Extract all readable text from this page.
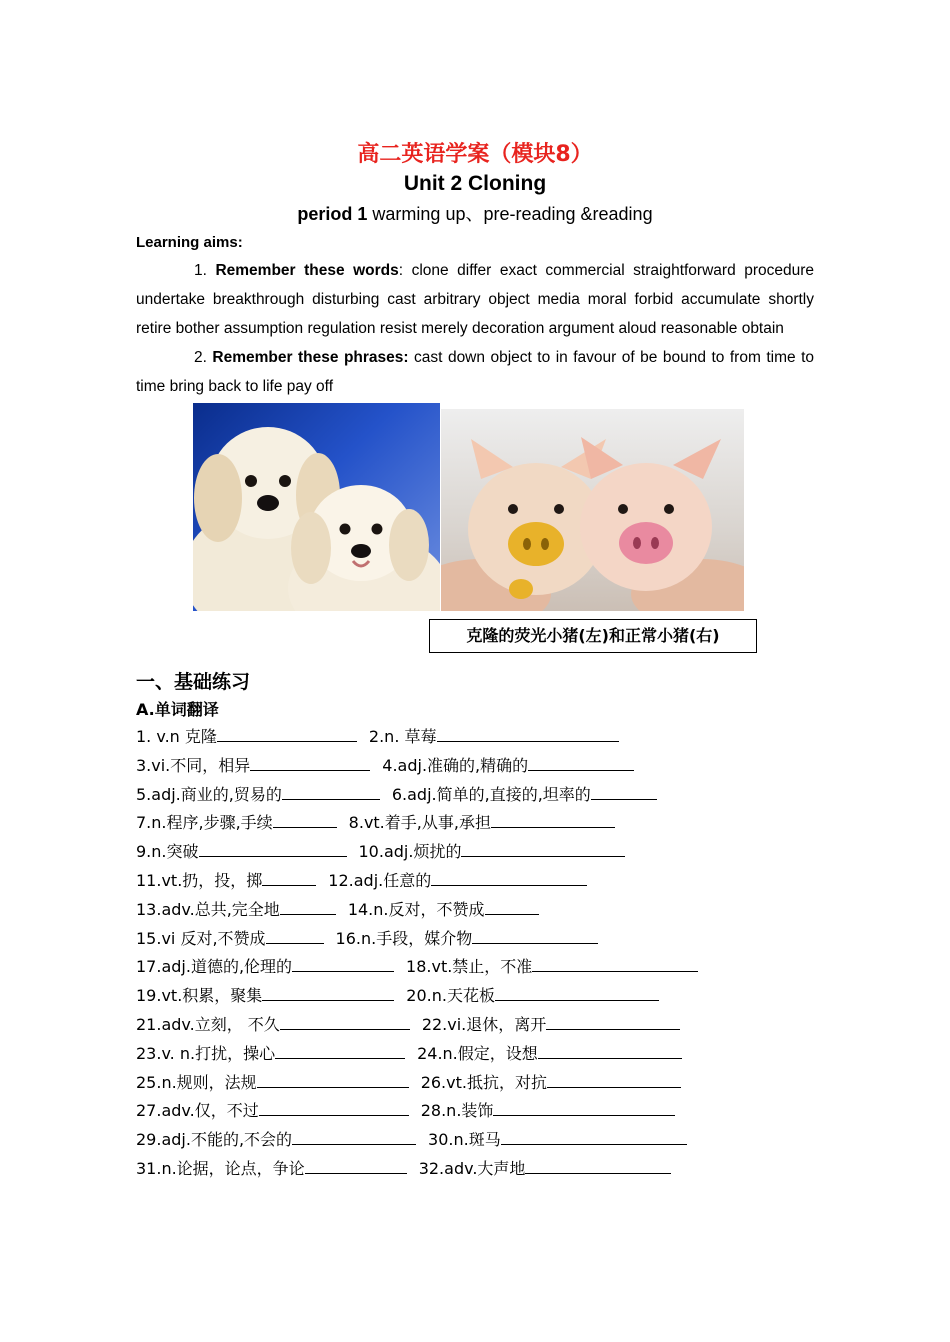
高二英语学案（模块8）
Unit 2 Cloning
period 1 warming up、pre-reading &reading
Learning aims:
1. Remember these words: clone differ exact commercial straightforward procedure undertake breakthrough disturbing cast arbitrary object media moral forbid accumulate shortly retire bother assumption regulation resist merely decoration argument aloud reasonable obtain
2. Remember these phrases: cast down object to in favour of be bound to from time to time bring back to life pay off
克隆的荧光小猪(左)和正常小猪(右)
一、基础练习
A.单词翻译
1. v.n 克隆	2.n. 草莓
3.vi.不同，相异	4.adj.准确的,精确的
5.adj.商业的,贸易的	6.adj.简单的,直接的,坦率的
7.n.程序,步骤,手续	8.vt.着手,从事,承担
9.n.突破	10.adj.烦扰的
11.vt.扔，投，掷	12.adj.任意的
13.adv.总共,完全地	14.n.反对，不赞成
15.vi 反对,不赞成	16.n.手段，媒介物
17.adj.道德的,伦理的	18.vt.禁止，不准
19.vt.积累，聚集	20.n.天花板
21.adv.立刻， 不久	22.vi.退休，离开
23.v. n.打扰，操心	24.n.假定，设想
25.n.规则，法规	26.vt.抵抗，对抗
27.adv.仅，不过	28.n.装饰
29.adj.不能的,不会的	30.n.斑马
31.n.论据，论点，争论	32.adv.大声地
